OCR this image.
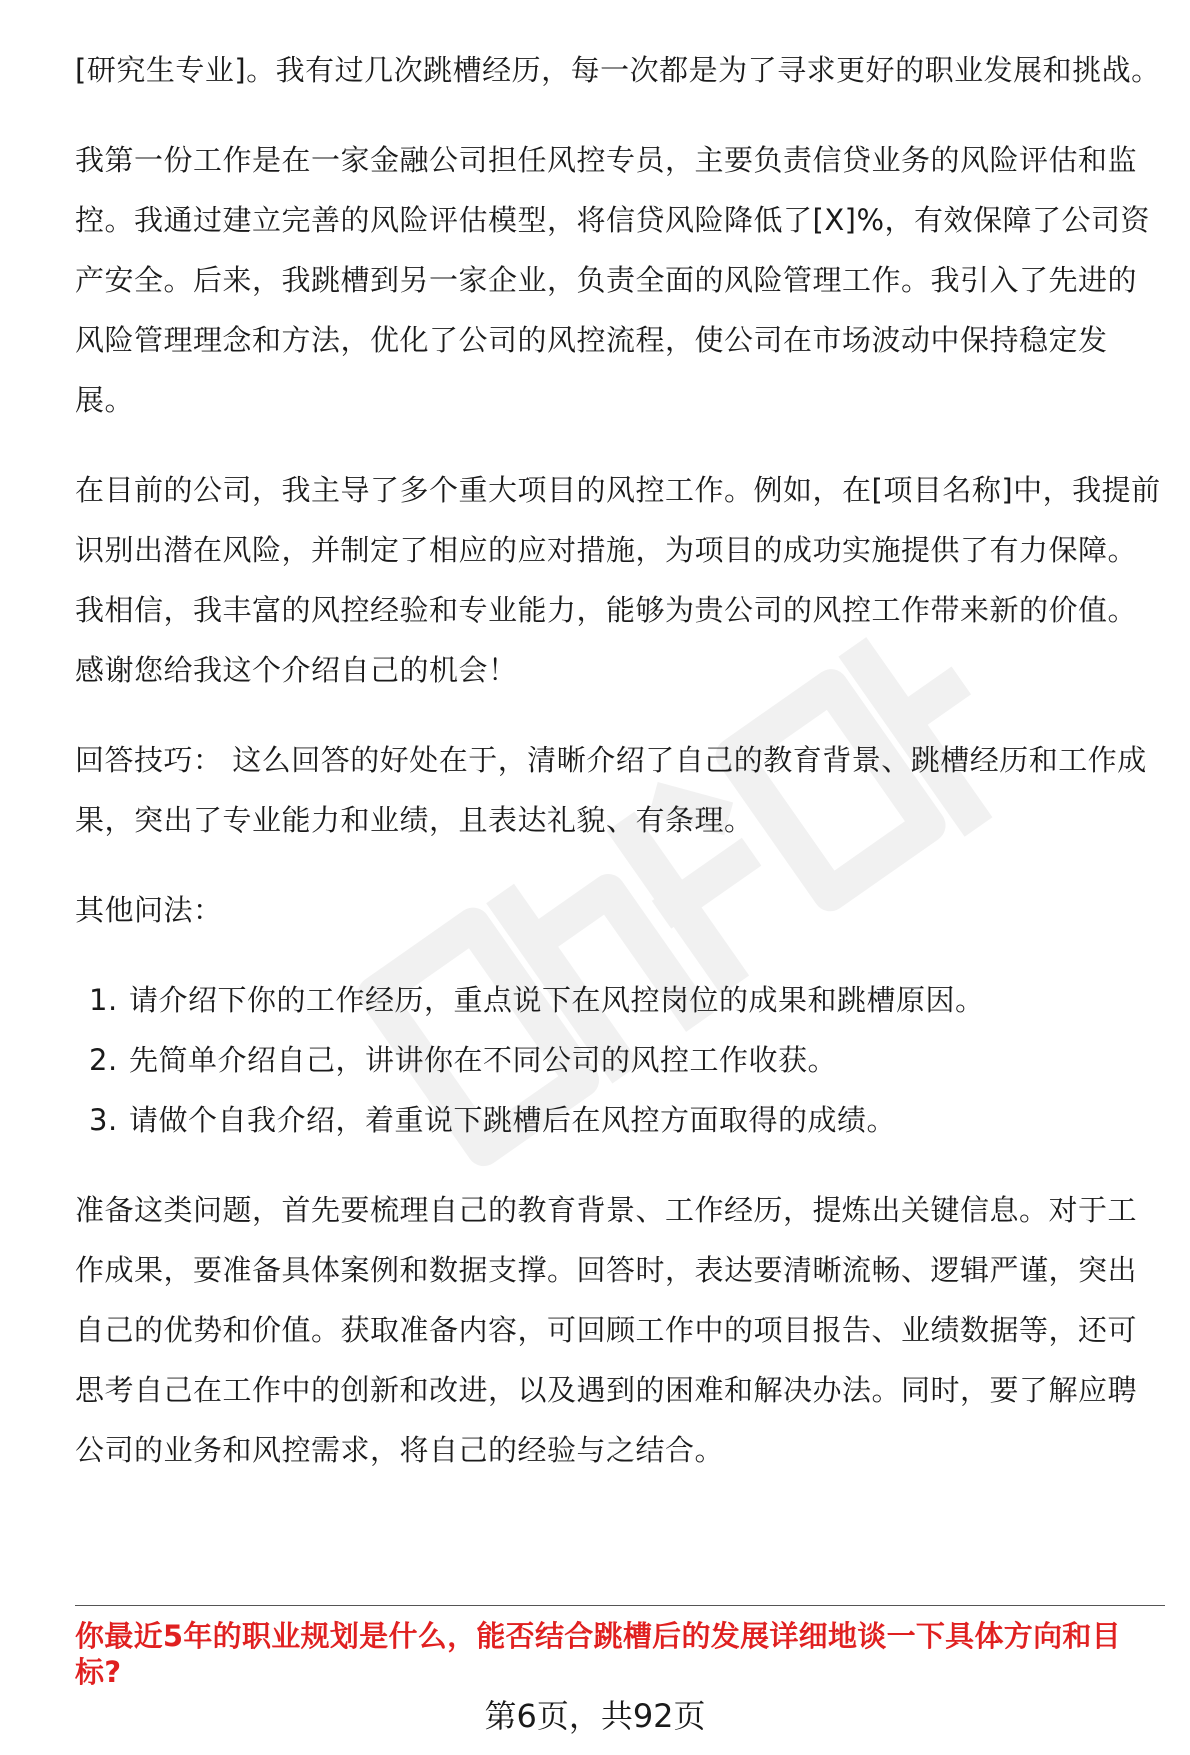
[研究生专业]。我有过几次跳槽经历，每一次都是为了寻求更好的职业发展和挑战。

我第一份工作是在一家金融公司担任风控专员，主要负责信贷业务的风险评估和监控。我通过建立完善的风险评估模型，将信贷风险降低了[X]%，有效保障了公司资产安全。后来，我跳槽到另一家企业，负责全面的风险管理工作。我引入了先进的风险管理理念和方法，优化了公司的风控流程，使公司在市场波动中保持稳定发展。

在目前的公司，我主导了多个重大项目的风控工作。例如，在[项目名称]中，我提前识别出潜在风险，并制定了相应的应对措施，为项目的成功实施提供了有力保障。我相信，我丰富的风控经验和专业能力，能够为贵公司的风控工作带来新的价值。感谢您给我这个介绍自己的机会！

回答技巧： 这么回答的好处在于，清晰介绍了自己的教育背景、跳槽经历和工作成果，突出了专业能力和业绩，且表达礼貌、有条理。

其他问法：

1. 请介绍下你的工作经历，重点说下在风控岗位的成果和跳槽原因。
2. 先简单介绍自己，讲讲你在不同公司的风控工作收获。
3. 请做个自我介绍，着重说下跳槽后在风控方面取得的成绩。

准备这类问题，首先要梳理自己的教育背景、工作经历，提炼出关键信息。对于工作成果，要准备具体案例和数据支撑。回答时，表达要清晰流畅、逻辑严谨，突出自己的优势和价值。获取准备内容，可回顾工作中的项目报告、业绩数据等，还可思考自己在工作中的创新和改进，以及遇到的困难和解决办法。同时，要了解应聘公司的业务和风控需求，将自己的经验与之结合。

你最近5年的职业规划是什么，能否结合跳槽后的发展详细地谈一下具体方向和目标?

第6页，共92页
